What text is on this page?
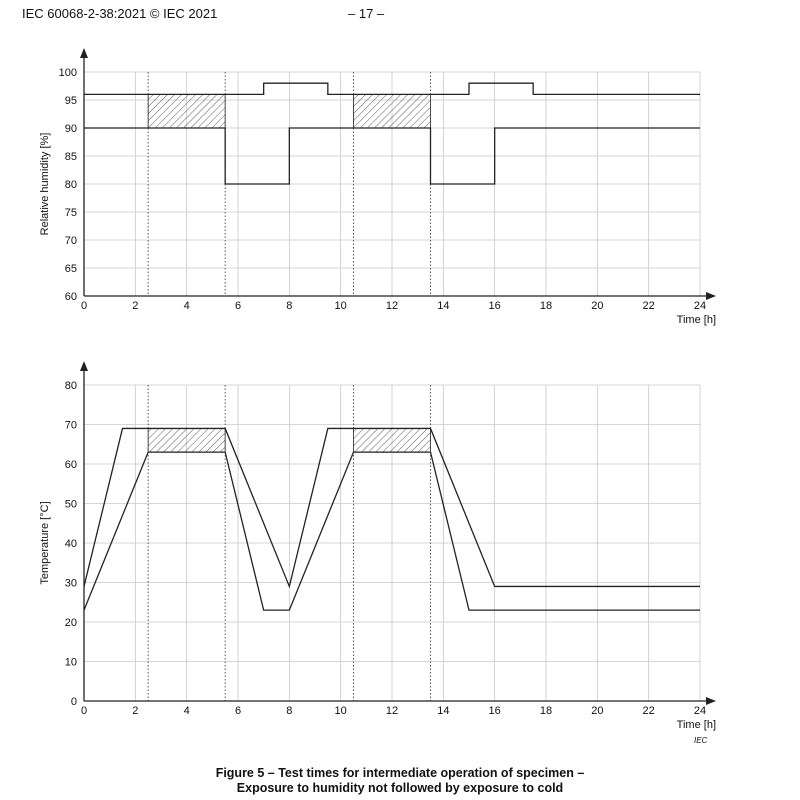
IEC 60068-2-38:2021 © IEC 2021	– 17 –
0	2	4	6	8	10	12	14	16	18	20	22	24
60
65
70
75
80
85
90
95
100
Time [h]
Relative humidity [%]
0	2	4	6	8	10	12	14	16	18	20	22	24
0
10
20
30
40
50
60
70
80
Time [h]
Temperature [°C]
IEC
Figure 5 – Test times for intermediate operation of specimen –
Exposure to humidity not followed by exposure to cold
